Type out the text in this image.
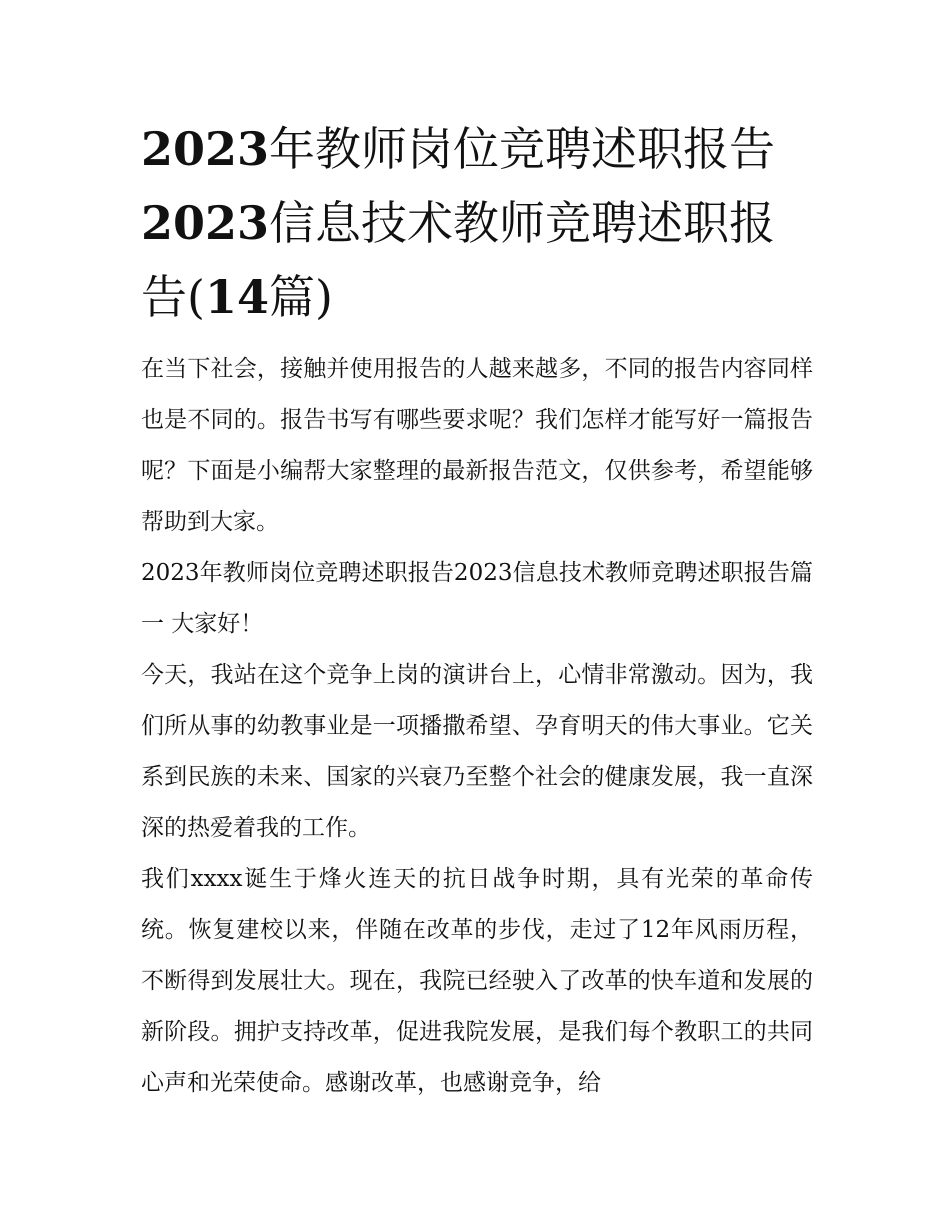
2023年教师岗位竞聘述职报告2023信息技术教师竞聘述职报告(14篇)

在当下社会，接触并使用报告的人越来越多，不同的报告内容同样也是不同的。报告书写有哪些要求呢？我们怎样才能写好一篇报告呢？下面是小编帮大家整理的最新报告范文，仅供参考，希望能够帮助到大家。

2023年教师岗位竞聘述职报告2023信息技术教师竞聘述职报告篇一 大家好！

今天，我站在这个竞争上岗的演讲台上，心情非常激动。因为，我们所从事的幼教事业是一项播撒希望、孕育明天的伟大事业。它关系到民族的未来、国家的兴衰乃至整个社会的健康发展，我一直深深的热爱着我的工作。

我们xxxx诞生于烽火连天的抗日战争时期，具有光荣的革命传统。恢复建校以来，伴随在改革的步伐，走过了12年风雨历程，不断得到发展壮大。现在，我院已经驶入了改革的快车道和发展的新阶段。拥护支持改革，促进我院发展，是我们每个教职工的共同心声和光荣使命。感谢改革，也感谢竞争，给
